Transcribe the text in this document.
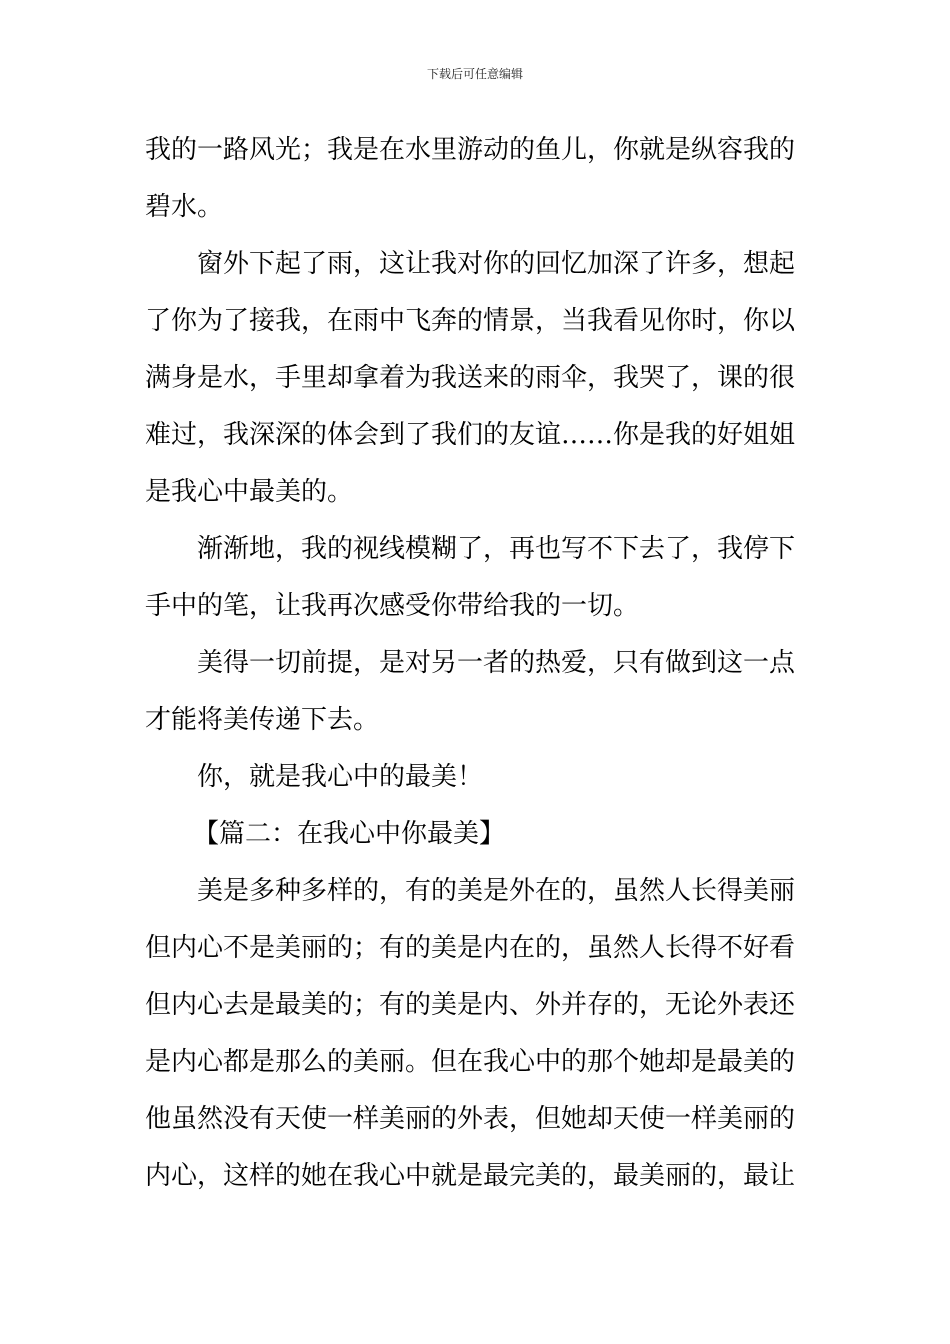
下载后可任意编辑
我的一路风光；我是在水里游动的鱼儿，你就是纵容我的
碧水。
窗外下起了雨，这让我对你的回忆加深了许多，想起
了你为了接我，在雨中飞奔的情景，当我看见你时，你以
满身是水，手里却拿着为我送来的雨伞，我哭了，课的很
难过，我深深的体会到了我们的友谊……你是我的好姐姐
是我心中最美的。
渐渐地，我的视线模糊了，再也写不下去了，我停下
手中的笔，让我再次感受你带给我的一切。
美得一切前提，是对另一者的热爱，只有做到这一点
才能将美传递下去。
你，就是我心中的最美！
【篇二：在我心中你最美】
美是多种多样的，有的美是外在的，虽然人长得美丽
但内心不是美丽的；有的美是内在的，虽然人长得不好看
但内心去是最美的；有的美是内、外并存的，无论外表还
是内心都是那么的美丽。但在我心中的那个她却是最美的
他虽然没有天使一样美丽的外表，但她却天使一样美丽的
内心，这样的她在我心中就是最完美的，最美丽的，最让
